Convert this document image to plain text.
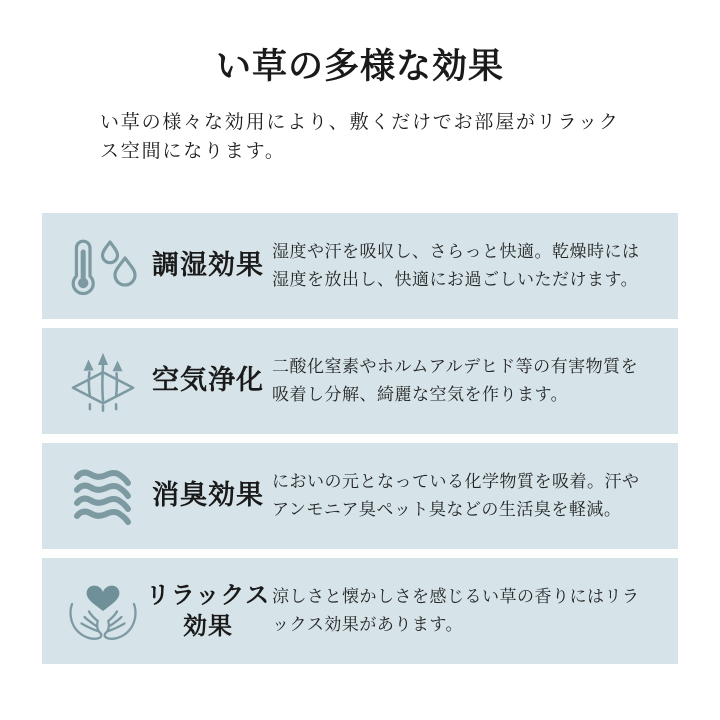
い草の多様な効果

い草の様々な効用により、敷くだけでお部屋がリラックス空間になります。

調湿効果 湿度や汗を吸収し、さらっと快適。乾燥時には湿度を放出し、快適にお過ごしいただけます。
空気浄化 二酸化窒素やホルムアルデヒド等の有害物質を吸着し分解、綺麗な空気を作ります。
消臭効果 においの元となっている化学物質を吸着。汗やアンモニア臭ペット臭などの生活臭を軽減。
リラックス効果
涼しさと懐かしさを感じるい草の香りにはリラックス効果があります。
